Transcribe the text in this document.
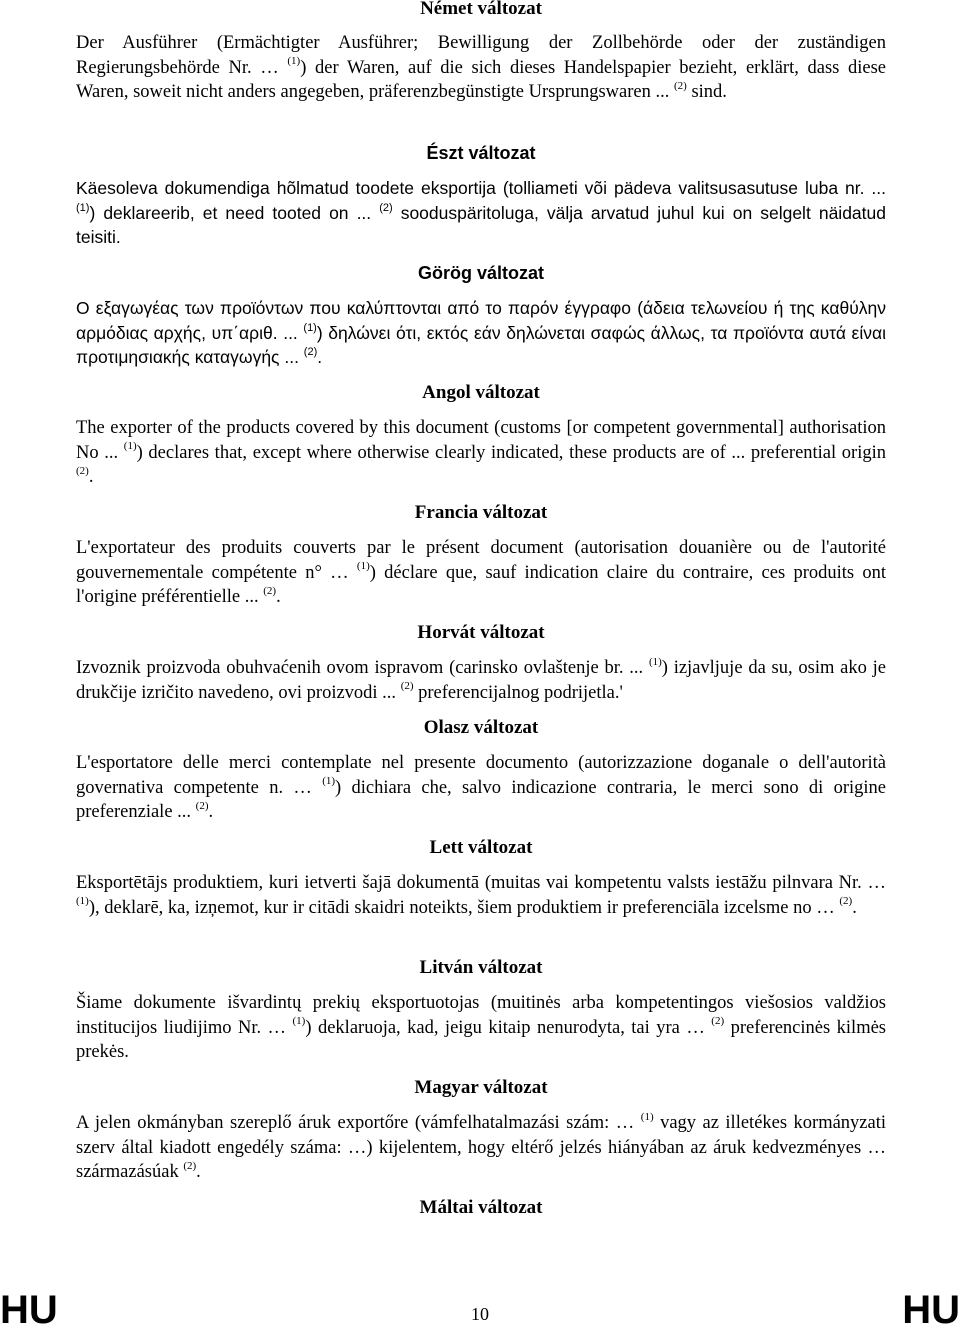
Német változat
Der Ausführer (Ermächtigter Ausführer; Bewilligung der Zollbehörde oder der zuständigen Regierungsbehörde Nr. … $^{(1)}$) der Waren, auf die sich dieses Handelspapier bezieht, erklärt, dass diese Waren, soweit nicht anders angegeben, präferenzbegünstigte Ursprungswaren ... $^{(2)}$ sind.
Észt változat
Käesoleva dokumendiga hõlmatud toodete eksportija (tolliameti või pädeva valitsusasutuse luba nr. ... $^{(1)}$) deklareerib, et need tooted on ... $^{(2)}$ sooduspäritoluga, välja arvatud juhul kui on selgelt näidatud teisiti.
Görög változat
Ο εξαγωγέας των προϊόντων που καλύπτονται από το παρόν έγγραφο (άδεια τελωνείου ή της καθύλην αρμόδιας αρχής, υπ΄αριθ. ... $^{(1)}$) δηλώνει ότι, εκτός εάν δηλώνεται σαφώς άλλως, τα προϊόντα αυτά είναι προτιμησιακής καταγωγής ... $^{(2)}$.
Angol változat
The exporter of the products covered by this document (customs [or competent governmental] authorisation No ... $^{(1)}$) declares that, except where otherwise clearly indicated, these products are of ... preferential origin $^{(2)}$.
Francia változat
L'exportateur des produits couverts par le présent document (autorisation douanière ou de l'autorité gouvernementale compétente n° … $^{(1)}$) déclare que, sauf indication claire du contraire, ces produits ont l'origine préférentielle ... $^{(2)}$.
Horvát változat
Izvoznik proizvoda obuhvaćenih ovom ispravom (carinsko ovlaštenje br. ... $^{(1)}$) izjavljuje da su, osim ako je drukčije izričito navedeno, ovi proizvodi ... $^{(2)}$ preferencijalnog podrijetla.'
Olasz változat
L'esportatore delle merci contemplate nel presente documento (autorizzazione doganale o dell'autorità governativa competente n. … $^{(1)}$) dichiara che, salvo indicazione contraria, le merci sono di origine preferenziale ... $^{(2)}$.
Lett változat
Eksportētājs produktiem, kuri ietverti šajā dokumentā (muitas vai kompetentu valsts iestāžu pilnvara Nr. … $^{(1)}$), deklarē, ka, izņemot, kur ir citādi skaidri noteikts, šiem produktiem ir preferenciāla izcelsme no … $^{(2)}$.
Litván változat
Šiame dokumente išvardintų prekių eksportuotojas (muitinės arba kompetentingos viešosios valdžios institucijos liudijimo Nr. … $^{(1)}$) deklaruoja, kad, jeigu kitaip nenurodyta, tai yra … $^{(2)}$ preferencinės kilmės prekės.
Magyar változat
A jelen okmányban szereplő áruk exportőre (vámfelhatalmazási szám: … $^{(1)}$ vagy az illetékes kormányzati szerv által kiadott engedély száma: …) kijelentem, hogy eltérő jelzés hiányában az áruk kedvezményes … származásúak $^{(2)}$.
Máltai változat
HU	10	HU
